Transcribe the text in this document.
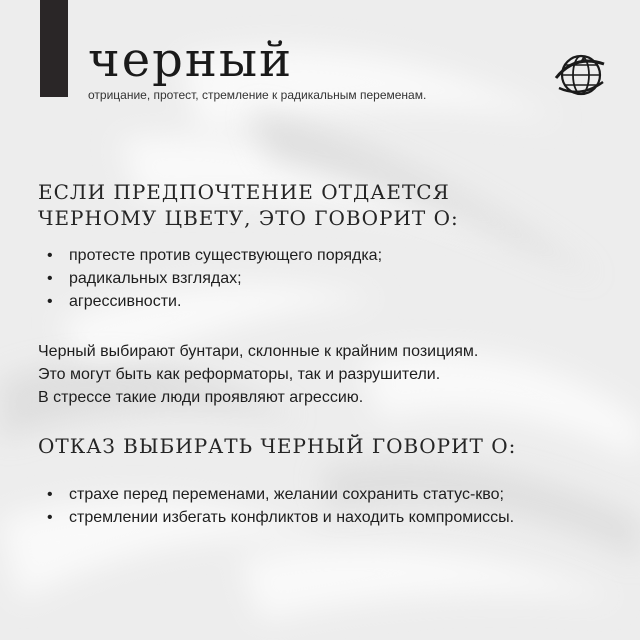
черный
отрицание, протест, стремление к радикальным переменам.
ЕСЛИ ПРЕДПОЧТЕНИЕ ОТДАЕТСЯ
ЧЕРНОМУ ЦВЕТУ, ЭТО ГОВОРИТ О:
• протесте против существующего порядка;
• радикальных взглядах;
• агрессивности.

Черный выбирают бунтари, склонные к крайним позициям.
Это могут быть как реформаторы, так и разрушители.
В стрессе такие люди проявляют агрессию.

ОТКАЗ ВЫБИРАТЬ ЧЕРНЫЙ ГОВОРИТ О:
• страхе перед переменами, желании сохранить статус-кво;
• стремлении избегать конфликтов и находить компромиссы.
